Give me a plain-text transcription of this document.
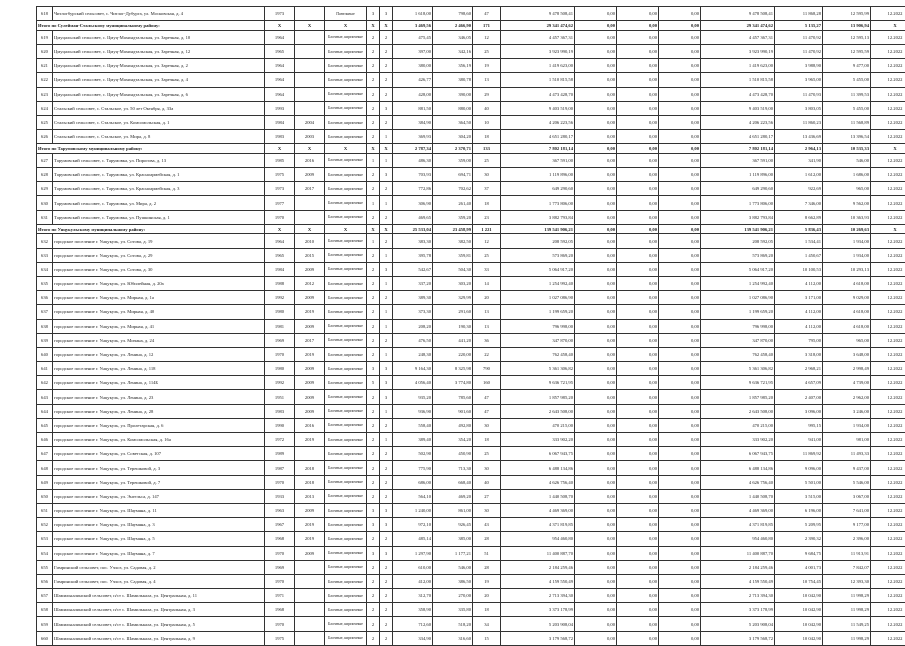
618	Читлогбурский сельсовет, с. Читлог-Дубурга, ул. Московская, д. 4	1973		Панельные	3	3	1 618,00	798,60	47	9 478 508,41	0,00	0,00	0,00	9 478 508,41	11 868,28	12 595,99	12.2022
Итого по Сулейман-Стальскому муниципальному району:		X	X	X	X	X	3 469,56	2 466,90	171	29 341 474,62	0,00	0,00	0,00	29 341 474,62	5 135,27	13 906,94	X
619	Цмуцальский сельсовет, с. Цмуц-Махиндтальская, ул. Заречная, д. 10	1964		Блочные, кирпичные	2	2	475,45	346,05	12	4 457 367,31	0,00	0,00	0,00	4 457 367,31	11 470,92	12 595,13	12.2022
620	Цмуцальский сельсовет, с. Цмуц-Махиндтальская, ул. Заречная, д. 12	1965		Блочные, кирпичные	2	2	397,00	342,16	25	3 923 990,19	0,00	0,00	0,00	3 923 990,19	11 470,92	12 595,59	12.2022
621	Цмуцальский сельсовет, с. Цмуц-Махиндтальская, ул. Заречная, д. 2	1964		Блочные, кирпичные	2	2	380,00	356,19	19	1 419 623,00	0,00	0,00	0,00	1 419 623,00	3 988,90	9 477,00	12.2022
622	Цмуцальский сельсовет, с. Цмуц-Махиндтальская, ул. Заречная, д. 4	1964		Блочные, кирпичные	2	2	426,77	380,78	13	1 510 815,58	0,00	0,00	0,00	1 510 815,58	3 965,00	5 455,00	12.2022
623	Цмуцальский сельсовет, с. Цмуц-Махиндтальская, ул. Заречная, д. 6	1964		Блочные, кирпичные	2	2	428,00	390,00	29	4 473 428,70	0,00	0,00	0,00	4 473 428,70	11 470,93	11 399,53	12.2022
624	Стальский сельсовет, с. Стальское, ул. 50 лет Октября, д. 33а	1993		Блочные, кирпичные	2	3	881,50	880,00	40	9 403 519,00	0,00	0,00	0,00	9 403 519,00	3 803,05	5 455,00	12.2022
625	Стальский сельсовет, с. Стальское, ул. Комсомольская, д. 1	1984	2004	Блочные, кирпичные	2	2	384,90	364,50	10	4 206 223,56	0,00	0,00	0,00	4 206 223,56	11 860,23	11 568,89	12.2022
626	Стальский сельсовет, с. Стальское, ул. Мира, д. 8	1983	2003	Блочные, кирпичные	2	1	369,93	304,20	18	4 651 280,17	0,00	0,00	0,00	4 651 280,17	13 436,69	13 396,54	12.2022
Итого по Тарумовскому муниципальному району:		X	X	X	X	X	2 787,34	2 370,71	133	7 802 181,14	0,00	0,00	0,00	7 802 181,14	2 964,13	10 535,33	X
627	Тарумовский сельсовет, с. Тарумовка, ул. Пирогова, д. 13	1985	2016	Блочные, кирпичные	1	1	486,30	359,00	25	367 591,00	0,00	0,00	0,00	367 591,00	341,90	546,00	12.2022
628	Тарумовский сельсовет, с. Тарумовка, ул. Красноармейская, д. 1	1975	2009	Блочные, кирпичные	2	3	703,93	694,71	30	1 119 896,00	0,00	0,00	0,00	1 119 896,00	1 612,00	1 686,00	12.2022
629	Тарумовский сельсовет, с. Тарумовка, ул. Красноармейская, д. 3	1973	2017	Блочные, кирпичные	2	2	772,86	702,62	37	649 290,60	0,00	0,00	0,00	649 290,60	922,69	965,00	12.2022
630	Тарумовский сельсовет, с. Тарумовка, ул. Мира, д. 2	1977		Блочные, кирпичные	1	1	306,90	261,40	18	1 773 806,00	0,00	0,00	0,00	1 773 806,00	7 346,00	9 562,00	12.2022
631	Тарумовский сельсовет, с. Тарумовка, ул. Пушкинская, д. 1	1970		Блочные, кирпичные	2	2	469,65	359,20	23	3 882 793,84	0,00	0,00	0,00	3 882 793,84	8 662,89	10 363,93	12.2022
Итого по Унцукульскому муниципальному району:		X	X	X	X	X	25 533,04	23 458,99	1 221	139 541 906,21	0,00	0,00	0,00	139 541 906,21	5 836,43	10 269,63	X
632	городское поселение г. Унцукуль, ул. Сотова, д. 19	1964	2010	Блочные, кирпичные	1	2	383,30	382,50	12	208 592,05	0,00	0,00	0,00	208 592,05	1 534,41	1 934,00	12.2022
633	городское поселение г. Унцукуль, ул. Сотова, д. 29	1965	2015	Блочные, кирпичные	2	1	395,78	359,81	25	573 869,20	0,00	0,00	0,00	573 869,20	1 450,67	1 934,00	12.2022
634	городское поселение г. Унцукуль, ул. Сотова, д. 30	1984	2009	Блочные, кирпичные	2	3	542,67	504,30	33	5 064 917,20	0,00	0,00	0,00	5 064 917,20	10 100,53	10 293,13	12.2022
635	городское поселение г. Унцукуль, ул. Юбилейная, д. 20а	1988	2012	Блочные, кирпичные	2	1	337,20	303,20	14	1 254 992,40	0,00	0,00	0,00	1 254 992,40	4 112,00	4 618,00	12.2022
636	городское поселение г. Унцукуль, ул. Мирная, д. 1а	1992	2009	Блочные, кирпичные	2	2	389,30	329,99	20	1 027 086,90	0,00	0,00	0,00	1 027 086,90	3 171,00	9 029,00	12.2022
637	городское поселение г. Унцукуль, ул. Мирная, д. 40	1980	2019	Блочные, кирпичные	2	1	373,30	291,60	13	1 199 659,20	0,00	0,00	0,00	1 199 659,20	4 112,00	4 618,00	12.2022
638	городское поселение г. Унцукуль, ул. Мирная, д. 41	1981	2009	Блочные, кирпичные	2	1	208,20	190,30	13	796 998,00	0,00	0,00	0,00	796 998,00	4 112,00	4 618,00	12.2022
639	городское поселение г. Унцукуль, ул. Мичана, д. 24	1969	2017	Блочные, кирпичные	2	2	476,50	441,20	36	347 870,00	0,00	0,00	0,00	347 870,00	795,00	965,00	12.2022
640	городское поселение г. Унцукуль, ул. Ленина, д. 12	1970	2019	Блочные, кирпичные	2	1	248,30	220,00	22	762 458,40	0,00	0,00	0,00	762 458,40	3 318,00	3 648,00	12.2022
641	городское поселение г. Унцукуль, ул. Ленина, д. 118	1980	2009	Блочные, кирпичные	3	3	9 164,30	8 325,98	790	5 361 306,82	0,00	0,00	0,00	5 361 306,82	2 968,21	2 998,49	12.2022
642	городское поселение г. Унцукуль, ул. Ленина, д. 114Б	1992	2009	Блочные, кирпичные	5	3	4 056,40	3 774,80	160	9 636 721,95	0,00	0,00	0,00	9 636 721,95	4 657,09	4 739,00	12.2022
643	городское поселение г. Унцукуль, ул. Ленина, д. 23	1951	2009	Блочные, кирпичные	2	3	935,20	785,60	47	1 857 985,20	0,00	0,00	0,00	1 857 985,20	2 407,00	2 962,00	12.2022
644	городское поселение г. Унцукуль, ул. Ленина, д. 28	1983	2009	Блочные, кирпичные	2	1	936,90	901,60	47	2 643 508,00	0,00	0,00	0,00	2 643 508,00	3 096,00	3 246,00	12.2022
645	городское поселение г. Унцукуль, ул. Пролетарская, д. 6	1990	2016	Блочные, кирпичные	2	2	558,40	492,80	30	470 215,00	0,00	0,00	0,00	470 215,00	995,15	1 934,00	12.2022
646	городское поселение г. Унцукуль, ул. Комсомольская, д. 16а	1972	2019	Блочные, кирпичные	2	1	389,40	354,20	18	333 902,20	0,00	0,00	0,00	333 902,20	941,00	981,00	12.2022
647	городское поселение г. Унцукуль, ул. Советская, д. 107	1989		Блочные, кирпичные	2	2	502,90	450,90	25	6 067 943,75	0,00	0,00	0,00	6 067 943,75	11 869,92	11 493,33	12.2022
648	городское поселение г. Унцукуль, ул. Терешковой, д. 3	1987	2018	Блочные, кирпичные	2	2	775,90	713,30	30	6 488 134,86	0,00	0,00	0,00	6 488 134,86	9 096,00	9 437,00	12.2022
649	городское поселение г. Унцукуль, ул. Терешковой, д. 7	1970	2018	Блочные, кирпичные	2	2	686,00	668,40	40	4 626 756,40	0,00	0,00	0,00	4 626 756,40	5 501,00	5 546,00	12.2022
650	городское поселение г. Унцукуль, ул. Энгельса, д. 147	1933	2013	Блочные, кирпичные	2	2	564,10	469,20	27	1 440 508,70	0,00	0,00	0,00	1 440 508,70	3 515,00	3 067,00	12.2022
651	городское поселение г. Унцукуль, ул. Шаумяна, д. 11	1963	2009	Блочные, кирпичные	3	3	1 240,00	861,00	30	4 469 369,00	0,00	0,00	0,00	4 469 369,00	6 196,00	7 641,00	12.2022
652	городское поселение г. Унцукуль, ул. Шаумяна, д. 3	1967	2019	Блочные, кирпичные	3	3	972,10	926,45	43	4 371 819,85	0,00	0,00	0,00	4 371 819,85	5 209,95	9 177,00	12.2022
653	городское поселение г. Унцукуль, ул. Шаумяна, д. 5	1968	2019	Блочные, кирпичные	2	2	485,14	385,00	28	954 460,80	0,00	0,00	0,00	954 460,80	2 390,32	2 396,00	12.2022
654	городское поселение г. Унцукуль, ул. Шаумяна, д. 7	1970	2009	Блочные, кирпичные	3	3	1 297,90	1 177,21	51	11 400 887,70	0,00	0,00	0,00	11 400 887,70	9 684,75	11 913,91	12.2022
655	Гимринский сельсовет, пос. Учхоз, ул. Садовая, д. 2	1969		Блочные, кирпичные	2	2	610,00	546,00	28	2 184 259,46	0,00	0,00	0,00	2 184 259,46	4 001,73	7 842,07	12.2022
656	Гимринский сельсовет, пос. Учхоз, ул. Садовая, д. 4	1970		Блочные, кирпичные	2	2	412,00	386,50	19	4 159 550,49	0,00	0,00	0,00	4 159 550,49	10 754,45	12 393,30	12.2022
657	Шамилькалинский сельсовет, п/ст с. Шамилькала, ул. Центральная, д. 11	1971		Блочные, кирпичные	2	2	312,70	270,00	20	2 713 394,30	0,00	0,00	0,00	2 713 394,30	10 042,90	11 998,29	12.2022
658	Шамилькалинский сельсовет, п/ст с. Шамилькала, ул. Центральная, д. 3	1968		Блочные, кирпичные	2	2	358,90	335,80	18	3 373 178,99	0,00	0,00	0,00	3 373 178,99	10 042,90	11 998,29	12.2022
659	Шамилькалинский сельсовет, п/ст с. Шамилькала, ул. Центральная, д. 5	1970		Блочные, кирпичные	2	2	712,60	518,20	34	5 203 908,04	0,00	0,00	0,00	5 203 908,04	10 042,90	11 549,25	12.2022
660	Шамилькалинский сельсовет, п/ст с. Шамилькала, ул. Центральная, д. 9	1975		Блочные, кирпичные	2	2	334,90	316,60	15	3 179 568,72	0,00	0,00	0,00	3 179 568,72	10 042,90	11 998,29	12.2022
